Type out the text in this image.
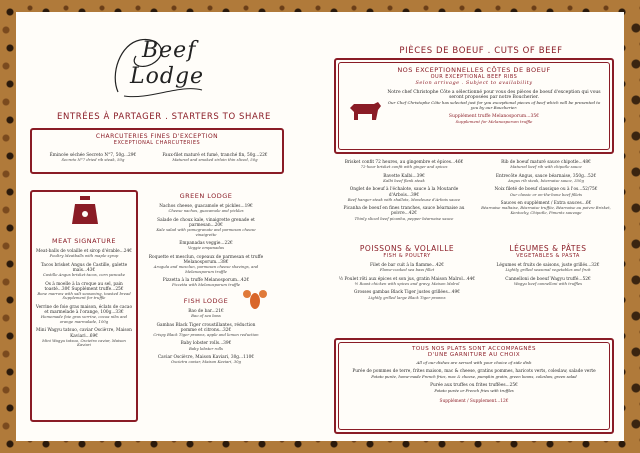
Beef
Lodge
ENTRÉES À PARTAGER . STARTERS TO SHARE
CHARCUTERIES FINES D'EXCEPTION
EXCEPTIONAL CHARCUTERIES
Émincée séchée Secreto N°7, 50g...29€
Secreto N°7 dried rib steak, 50g
Faux-filet maturé et fumé, tranché fin, 50g...22€
Matured and smoked sirloin thin sliced, 50g
MEAT SIGNATURE
Meat-balls de volaille et sirop d'érable...24€
Poultry Meatballs with maple syrup
Tacos brisket Angus de Castille, galette maïs...43€
Castille Angus brisket tacos, corn pancake
Os à moelle à la croque au sel, pain toasté...30€ Supplément truffe...25€
Bone marrow with salt seasoning, toasted bread Supplement for truffle
Verrine de foie gras maison, éclats de cacao et marmelade à l'orange, 100g...33€
Homemade foie gras verrine, cocoa nibs and orange marmalade, 100g
Mini Wagyu tatsuo, caviar Oscièτre, Maison Kaviari...69€
Mini Wagyu tatsuo, Oscietra caviar, Maison Kaviari
GREEN LODGE
Nachos cheese, guacamole et pickles...19€
Cheese nachos, guacamole and pickles
Salade de choux kale, vinaigrette grenade et parmesan...20€
Kale salad with pomegranate and parmesan cheese vinaigrette
Empanadas veggie...22€
Veggie empanadas
Roquette et mesclun, copeaux de parmesan et truffe Melanosporum...38€
Arugula and mesclun, parmesan cheese shavings, and Melanosporum truffle
Pizzetta à la truffe Melanosporum...42€
Pizzetta with Melanosporum truffle
FISH LODGE
Bao de bar...21€
Bao of sea bass
Gambas Black Tiger croustillantes, réduction pomme et citrons...32€
Crispy Black Tiger prawns, apple and lemon reduction
Baby lobster rolls...39€
Baby lobster rolls
Caviar Oscièτre, Maison Kaviari, 30g...110€
Oscietra caviar, Maison Kaviari, 30g
PIÈCES DE BOEUF . CUTS OF BEEF
NOS EXCEPTIONNELLES CÔTES DE BOEUF
OUR EXCEPTIONAL BEEF RIBS
Selon arrivage . Subject to availability
Notre chef Christophe Côte a sélectionné pour vous des pièces de boeuf d'exception qui vous seront proposées par notre Boucherier.
Our Chef Christophe Côte has selected just for you exceptional pieces of beef which will be presented to you by our Boucherier.
Supplément truffe Melanosporum...35€
Supplement for Melanosporum truffle
Brisket confit 72 heures, au gingembre et épices...46€
72-hour brisket confit with ginger and spices
Bavette Kalbi...39€
Kalbi beef flank steak
Onglet de boeuf à l'échalote, sauce à la Moutarde d'Arbois...39€
Beef hanger steak with shallots, Mondeuse d'Arbois sauce
Picanha de boeuf en fines tranches, sauce béarnaise au poivre...42€
Thinly sliced beef picanha, pepper béarnaise sauce
Rib de boeuf maturé sauce chipotle...48€
Matured beef rib with chipotle sauce
Entrecôte Angus, sauce béarnaise, 350g...52€
Angus rib steak, béarnaise sauce, 350g
Noix fileté de boeuf classique ou à l'os...52/75€
Our classic or on-the-bone beef fillets
Sauces en supplément / Extra sauces...6€
Béarnaise maltaise, Béarnaise truffée, Béarnaise au poivre Brisket, Kentucky, Chipotle, Pimentz sauvage
POISSONS & VOLAILLE
FISH & POULTRY
Filet de bar cuit à la flamme...42€
Flame-cooked sea bass fillet
½ Poulet rôti aux épices et son jus, gratin Maison Malrol...44€
½ Roast chicken with spices and gravy, Maison Malrol
Grosses gambas Black Tiger justes grillées...49€
Lightly grilled large Black Tiger prawns
LÉGUMES & PÂTES
VEGETABLES & PASTA
Légumes et fruits de saisons, juste grillés...32€
Lightly grilled seasonal vegetables and fruit
Cannelloni de boeuf Wagyu truffé...52€
Wagyu beef cannelloni with truffles
TOUS NOS PLATS SONT ACCOMPAGNÉS
D'UNE GARNITURE AU CHOIX
All of our dishes are served with your choice of side dish
Purée de pommes de terre, frites maison, mac & cheese, gratins pommes, haricots verts, coleslaw, salade verte
Potato purée, home-made French fries, mac & cheese, pumpkin gratin, green beans, coleslaw, green salad
Purée aux truffes ou frites truffées...25€
Potato purée or French fries with truffles
Supplément / Supplement...12€
